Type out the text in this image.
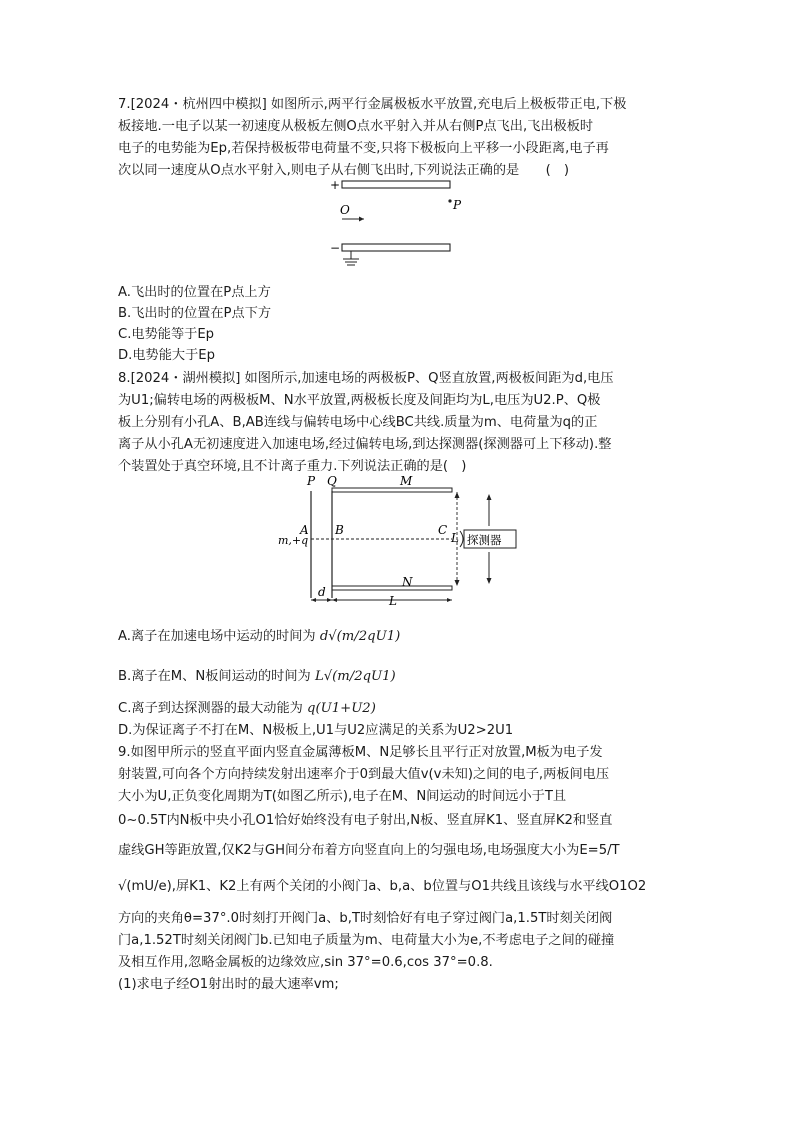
7.[2024・杭州四中模拟] 如图所示,两平行金属极板水平放置,充电后上极板带正电,下极
板接地.一电子以某一初速度从极板左侧O点水平射入并从右侧P点飞出,飞出极板时
电子的电势能为Ep,若保持极板带电荷量不变,只将下极板向上平移一小段距离,电子再
次以同一速度从O点水平射入,则电子从右侧飞出时,下列说法正确的是　　(　)
+
O	P
−
A.飞出时的位置在P点上方
B.飞出时的位置在P点下方
C.电势能等于Ep
D.电势能大于Ep
8.[2024・湖州模拟] 如图所示,加速电场的两极板P、Q竖直放置,两极板间距为d,电压
为U1;偏转电场的两极板M、N水平放置,两极板长度及间距均为L,电压为U2.P、Q极
板上分别有小孔A、B,AB连线与偏转电场中心线BC共线.质量为m、电荷量为q的正
离子从小孔A无初速度进入加速电场,经过偏转电场,到达探测器(探测器可上下移动).整
个装置处于真空环境,且不计离子重力.下列说法正确的是(　)
P Q	M
A B	C
m,+q	L 探测器
d
L
N
A.离子在加速电场中运动的时间为 d√(m/2qU1)
B.离子在M、N板间运动的时间为 L√(m/2qU1)
C.离子到达探测器的最大动能为 q(U1+U2)
D.为保证离子不打在M、N极板上,U1与U2应满足的关系为U2>2U1
9.如图甲所示的竖直平面内竖直金属薄板M、N足够长且平行正对放置,M板为电子发
射装置,可向各个方向持续发射出速率介于0到最大值v(v未知)之间的电子,两板间电压
大小为U,正负变化周期为T(如图乙所示),电子在M、N间运动的时间远小于T且
0~0.5T内N板中央小孔O1恰好始终没有电子射出,N板、竖直屏K1、竖直屏K2和竖直
虚线GH等距放置,仅K2与GH间分布着方向竖直向上的匀强电场,电场强度大小为E=5/T
√(mU/e),屏K1、K2上有两个关闭的小阀门a、b,a、b位置与O1共线且该线与水平线O1O2
方向的夹角θ=37°.0时刻打开阀门a、b,T时刻恰好有电子穿过阀门a,1.5T时刻关闭阀
门a,1.52T时刻关闭阀门b.已知电子质量为m、电荷量大小为e,不考虑电子之间的碰撞
及相互作用,忽略金属板的边缘效应,sin 37°=0.6,cos 37°=0.8.
(1)求电子经O1射出时的最大速率vm;
